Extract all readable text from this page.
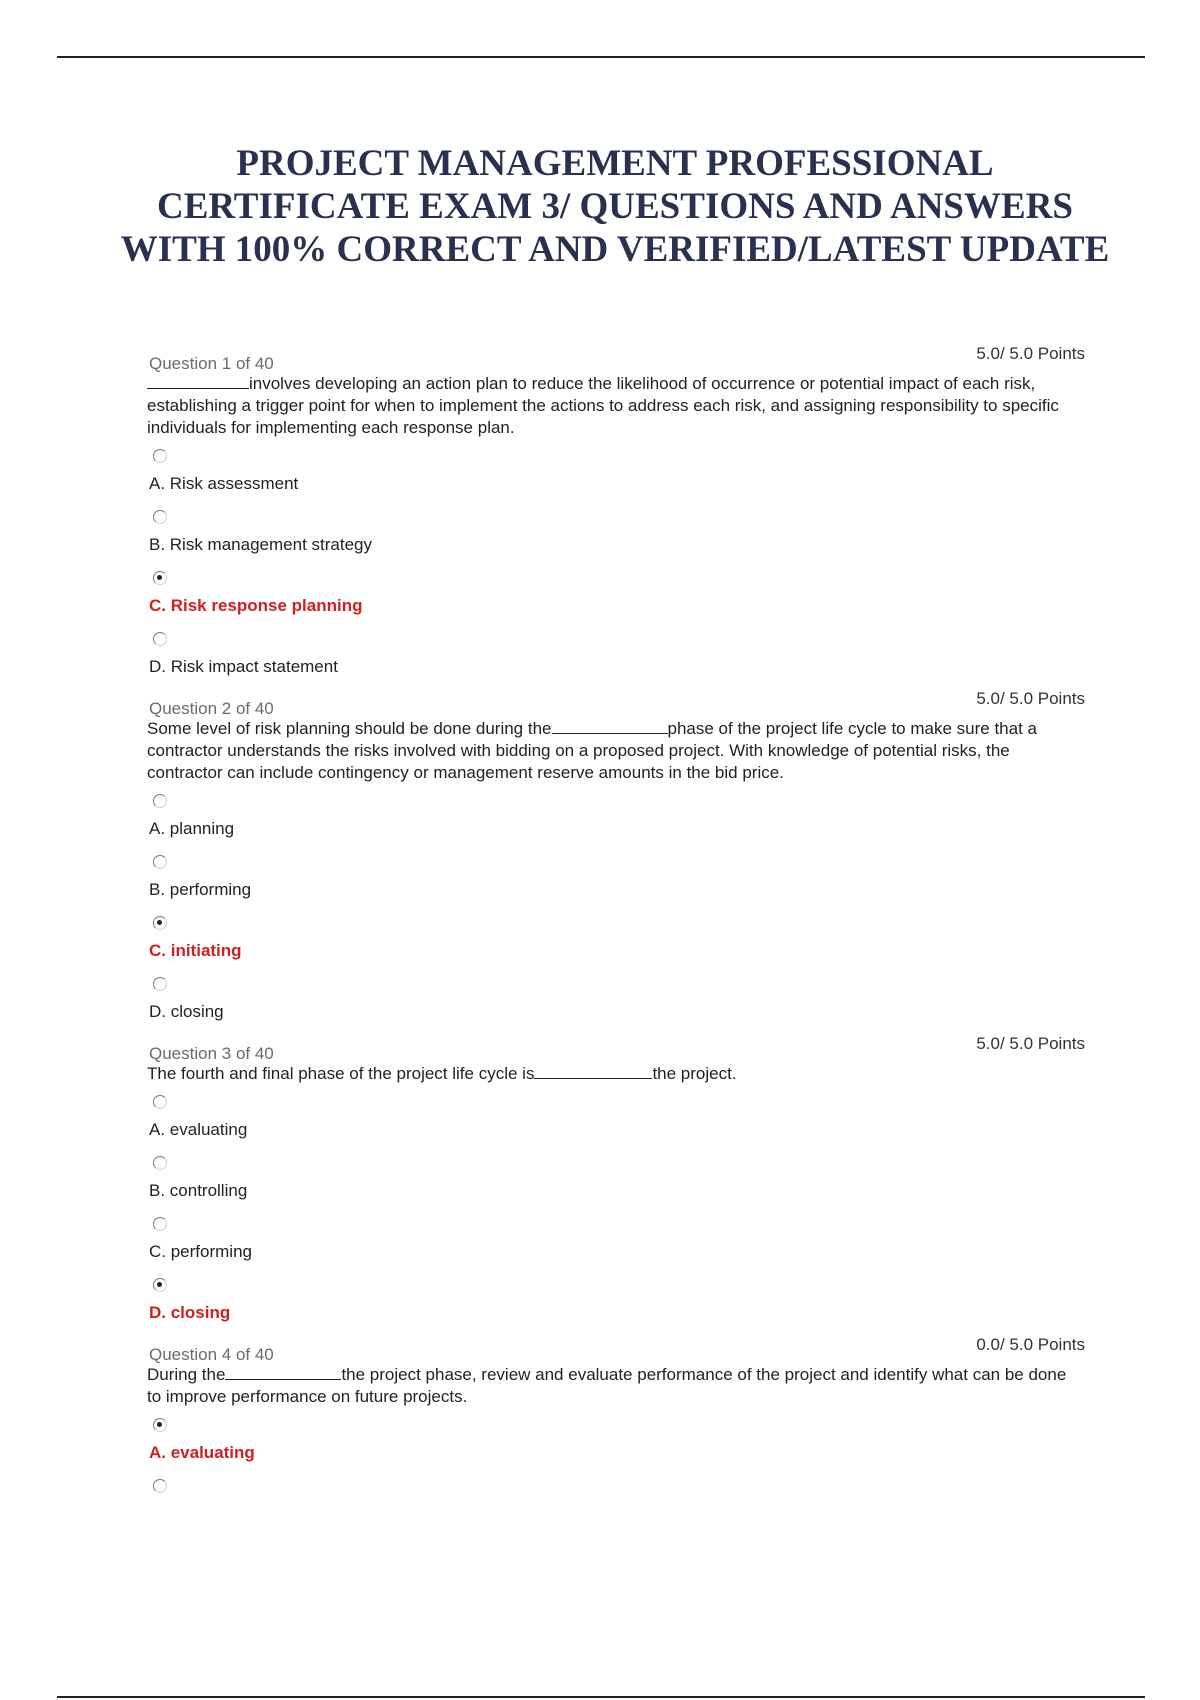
PROJECT MANAGEMENT PROFESSIONAL CERTIFICATE EXAM 3/ QUESTIONS AND ANSWERS WITH 100% CORRECT AND VERIFIED/LATEST UPDATE
Question 1 of 40
5.0/ 5.0 Points
involves developing an action plan to reduce the likelihood of occurrence or potential impact of each risk, establishing a trigger point for when to implement the actions to address each risk, and assigning responsibility to specific individuals for implementing each response plan.
A. Risk assessment
B. Risk management strategy
C. Risk response planning
D. Risk impact statement
Question 2 of 40
5.0/ 5.0 Points
Some level of risk planning should be done during the	phase of the project life cycle to make sure that a contractor understands the risks involved with bidding on a proposed project. With knowledge of potential risks, the contractor can include contingency or management reserve amounts in the bid price.
A. planning
B. performing
C. initiating
D. closing
Question 3 of 40
5.0/ 5.0 Points
The fourth and final phase of the project life cycle is	the project.
A. evaluating
B. controlling
C. performing
D. closing
Question 4 of 40
0.0/ 5.0 Points
During the	the project phase, review and evaluate performance of the project and identify what can be done to improve performance on future projects.
A. evaluating
